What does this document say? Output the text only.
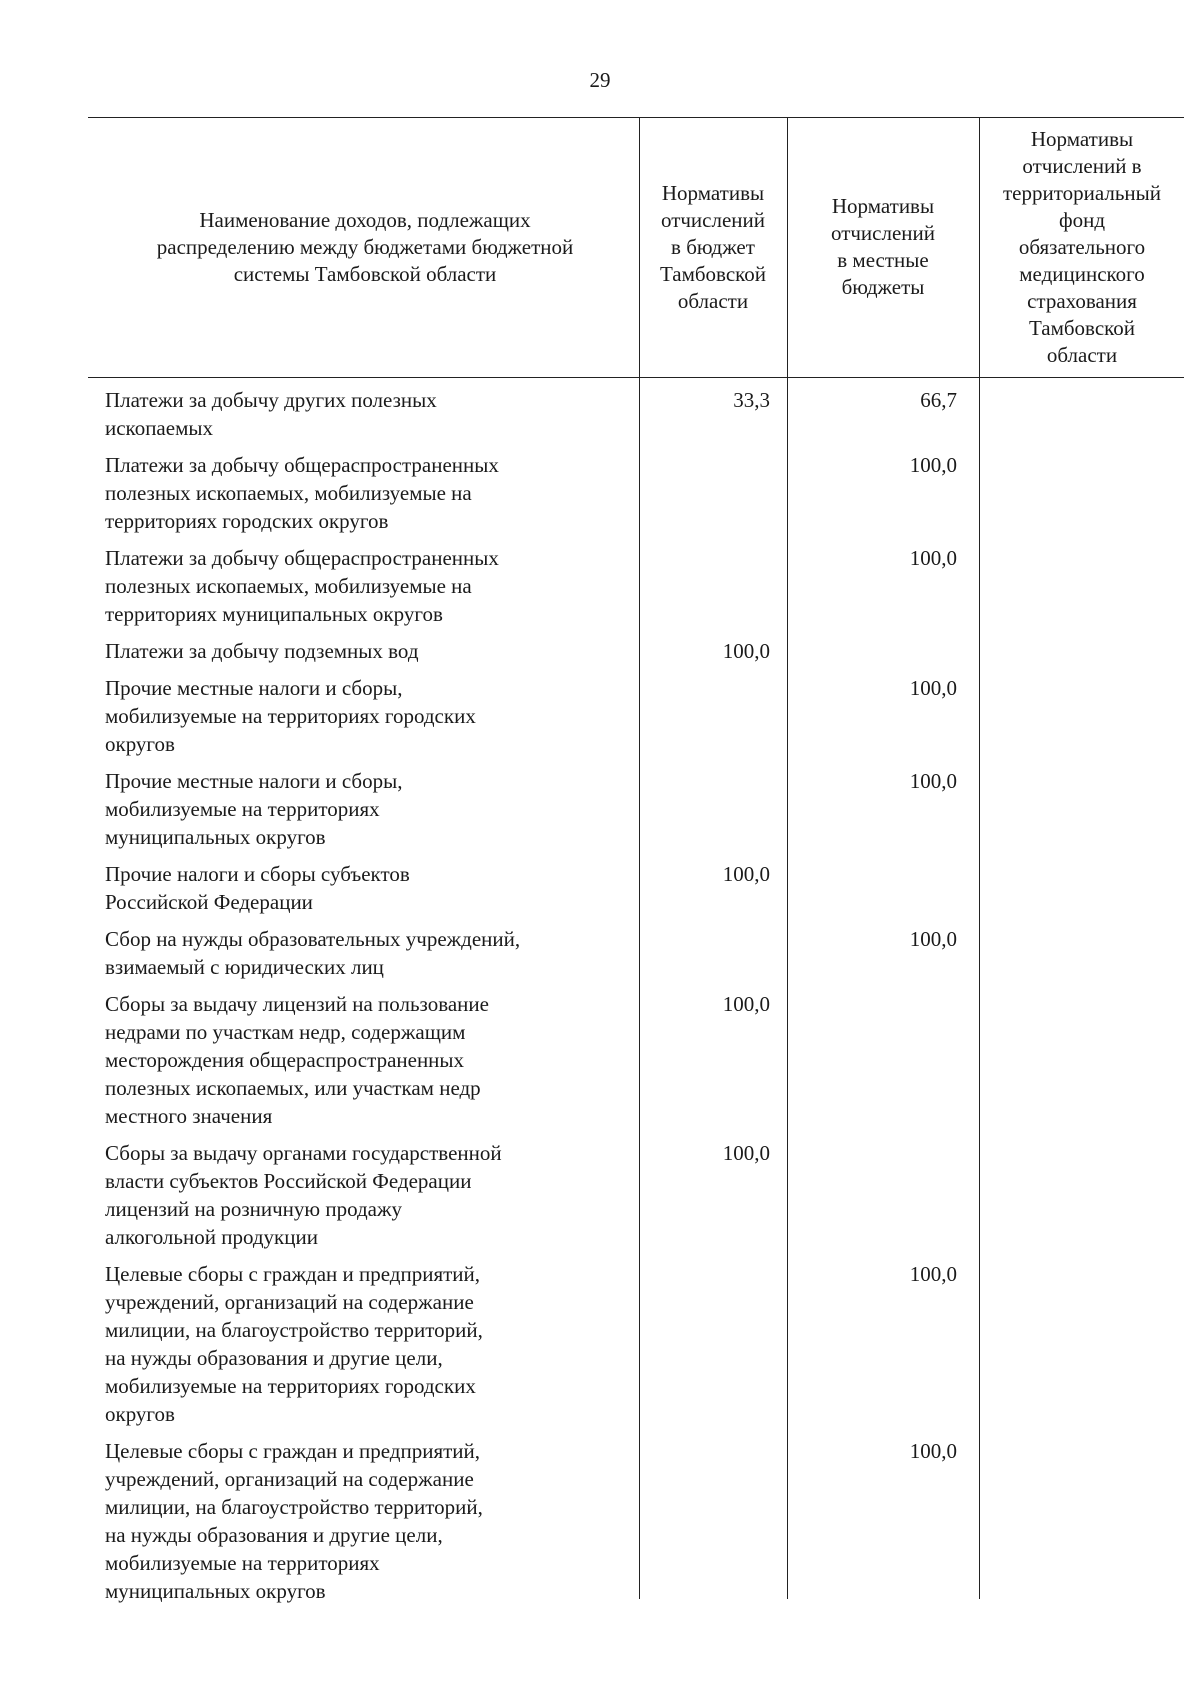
29
Наименование доходов, подлежащих
распределению между бюджетами бюджетной
системы Тамбовской области
Нормативы
отчислений
в бюджет
Тамбовской
области
Нормативы
отчислений
в местные
бюджеты
Нормативы
отчислений в
территориальный
фонд
обязательного
медицинского
страхования
Тамбовской
области
Платежи за добычу других полезных
ископаемых
33,3	66,7
Платежи за добычу общераспространенных
полезных ископаемых, мобилизуемые на
территориях городских округов
100,0
Платежи за добычу общераспространенных
полезных ископаемых, мобилизуемые на
территориях муниципальных округов
100,0
Платежи за добычу подземных вод	100,0
Прочие местные налоги и сборы,
мобилизуемые на территориях городских
округов
100,0
Прочие местные налоги и сборы,
мобилизуемые на территориях
муниципальных округов
100,0
Прочие налоги и сборы субъектов
Российской Федерации
100,0
Сбор на нужды образовательных учреждений,
взимаемый с юридических лиц
100,0
Сборы за выдачу лицензий на пользование
недрами по участкам недр, содержащим
месторождения общераспространенных
полезных ископаемых, или участкам недр
местного значения
100,0
Сборы за выдачу органами государственной
власти субъектов Российской Федерации
лицензий на розничную продажу
алкогольной продукции
100,0
Целевые сборы с граждан и предприятий,
учреждений, организаций на содержание
милиции, на благоустройство территорий,
на нужды образования и другие цели,
мобилизуемые на территориях городских
округов
100,0
Целевые сборы с граждан и предприятий,
учреждений, организаций на содержание
милиции, на благоустройство территорий,
на нужды образования и другие цели,
мобилизуемые на территориях
муниципальных округов
100,0
